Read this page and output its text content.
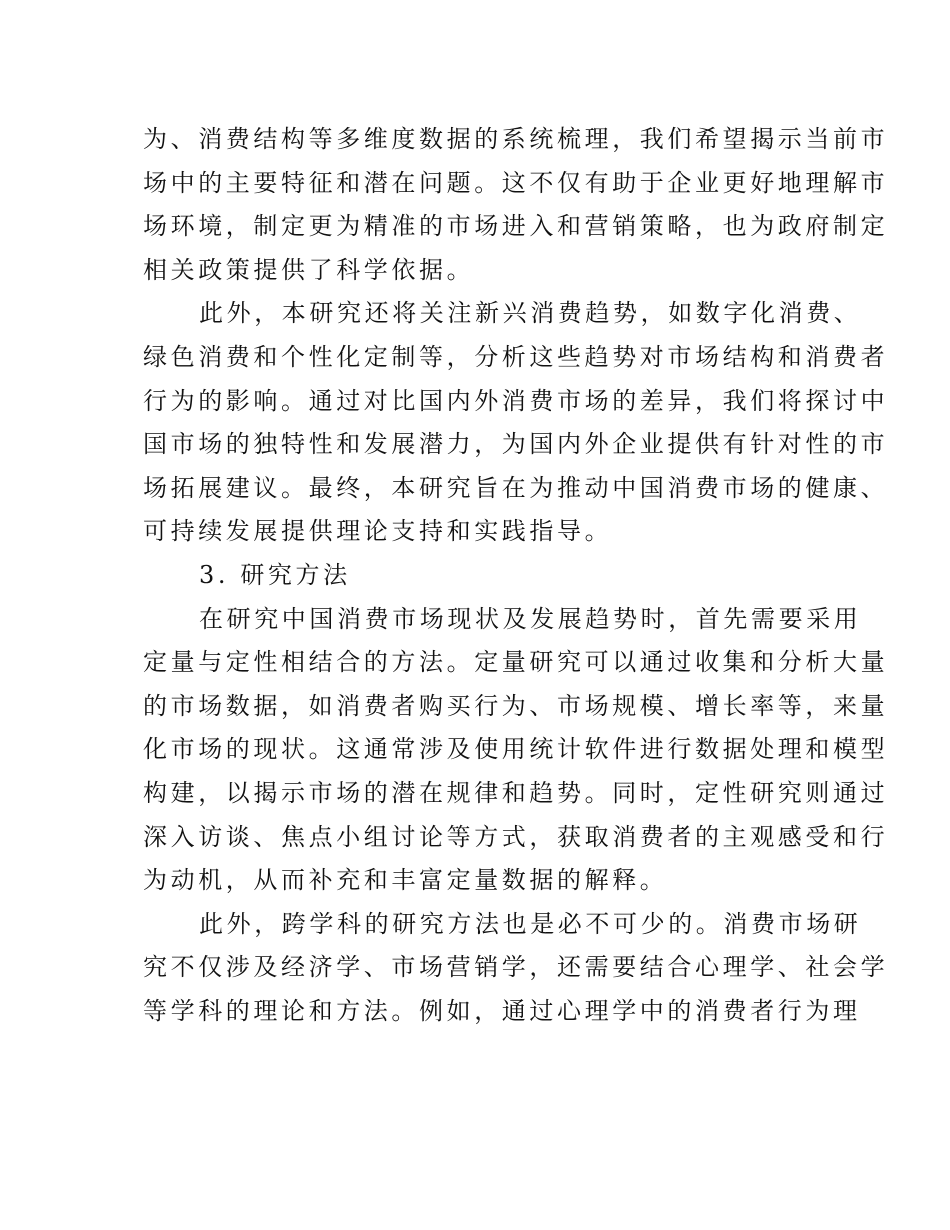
为、消费结构等多维度数据的系统梳理，我们希望揭示当前市
场中的主要特征和潜在问题。这不仅有助于企业更好地理解市
场环境，制定更为精准的市场进入和营销策略，也为政府制定
相关政策提供了科学依据。
此外，本研究还将关注新兴消费趋势，如数字化消费、
绿色消费和个性化定制等，分析这些趋势对市场结构和消费者
行为的影响。通过对比国内外消费市场的差异，我们将探讨中
国市场的独特性和发展潜力，为国内外企业提供有针对性的市
场拓展建议。最终，本研究旨在为推动中国消费市场的健康、
可持续发展提供理论支持和实践指导。
3. 研究方法
在研究中国消费市场现状及发展趋势时，首先需要采用
定量与定性相结合的方法。定量研究可以通过收集和分析大量
的市场数据，如消费者购买行为、市场规模、增长率等，来量
化市场的现状。这通常涉及使用统计软件进行数据处理和模型
构建，以揭示市场的潜在规律和趋势。同时，定性研究则通过
深入访谈、焦点小组讨论等方式，获取消费者的主观感受和行
为动机，从而补充和丰富定量数据的解释。
此外，跨学科的研究方法也是必不可少的。消费市场研
究不仅涉及经济学、市场营销学，还需要结合心理学、社会学
等学科的理论和方法。例如，通过心理学中的消费者行为理
